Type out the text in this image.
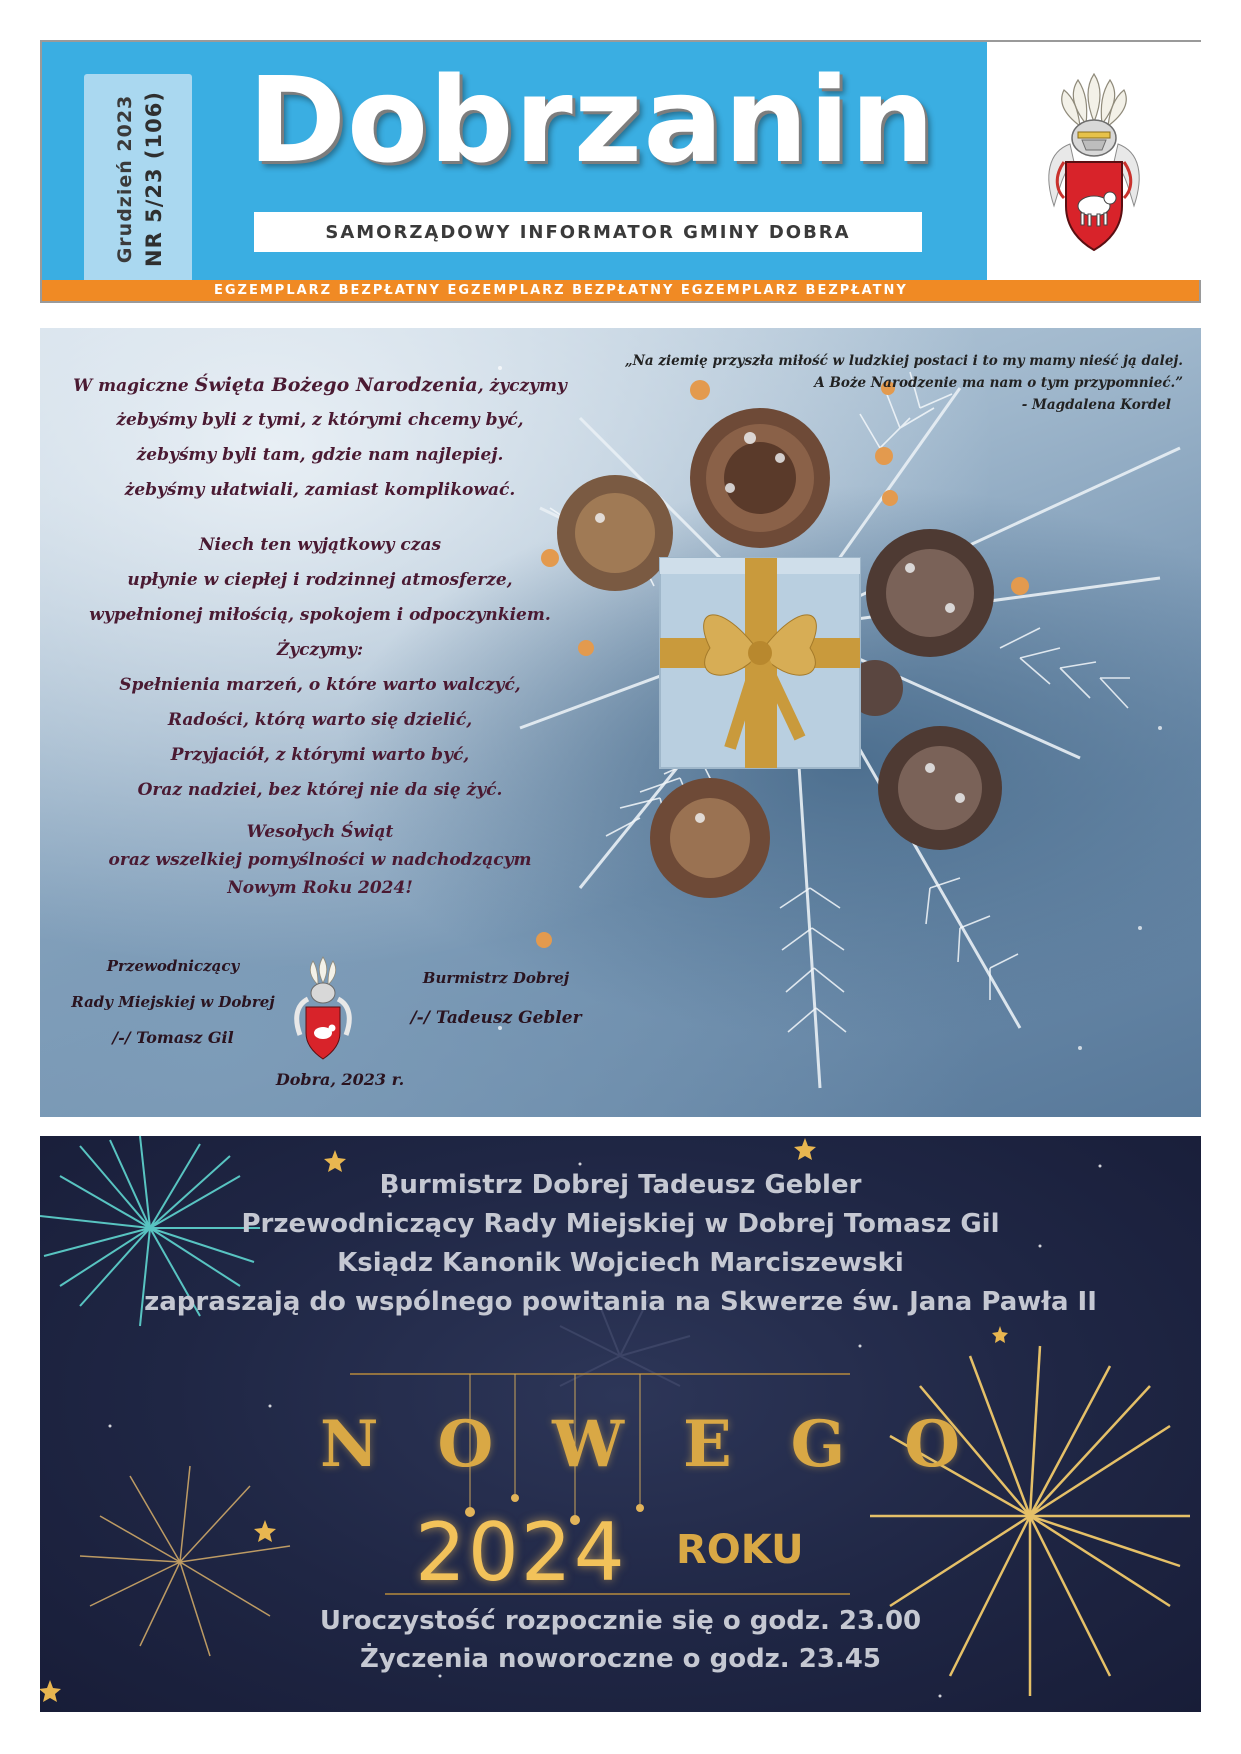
Grudzień 2023 NR 5/23 (106) Dobrzanin
SAMORZĄDOWY INFORMATOR GMINY DOBRA
EGZEMPLARZ BEZPŁATNY EGZEMPLARZ BEZPŁATNY EGZEMPLARZ BEZPŁATNY
W magiczne Święta Bożego Narodzenia, życzymy
żebyśmy byli z tymi, z którymi chcemy być,
żebyśmy byli tam, gdzie nam najlepiej.
żebyśmy ułatwiali, zamiast komplikować.
Niech ten wyjątkowy czas
upłynie w ciepłej i rodzinnej atmosferze,
wypełnionej miłością, spokojem i odpoczynkiem.
Życzymy:
Spełnienia marzeń, o które warto walczyć,
Radości, którą warto się dzielić,
Przyjaciół, z którymi warto być,
Oraz nadziei, bez której nie da się żyć.
Wesołych Świąt
oraz wszelkiej pomyślności w nadchodzącym
Nowym Roku 2024!
„Na ziemię przyszła miłość w ludzkiej postaci i to my mamy nieść ją dalej.
A Boże Narodzenie ma nam o tym przypomnieć.”
- Magdalena Kordel
Przewodniczący
Rady Miejskiej w Dobrej
/-/ Tomasz Gil
Burmistrz Dobrej
/-/ Tadeusz Gebler
Dobra, 2023 r.
Burmistrz Dobrej Tadeusz Gebler
Przewodniczący Rady Miejskiej w Dobrej Tomasz Gil
Ksiądz Kanonik Wojciech Marciszewski
zapraszają do wspólnego powitania na Skwerze św. Jana Pawła II
N O W E G O
2024	ROKU
Uroczystość rozpocznie się o godz. 23.00
Życzenia noworoczne o godz. 23.45
